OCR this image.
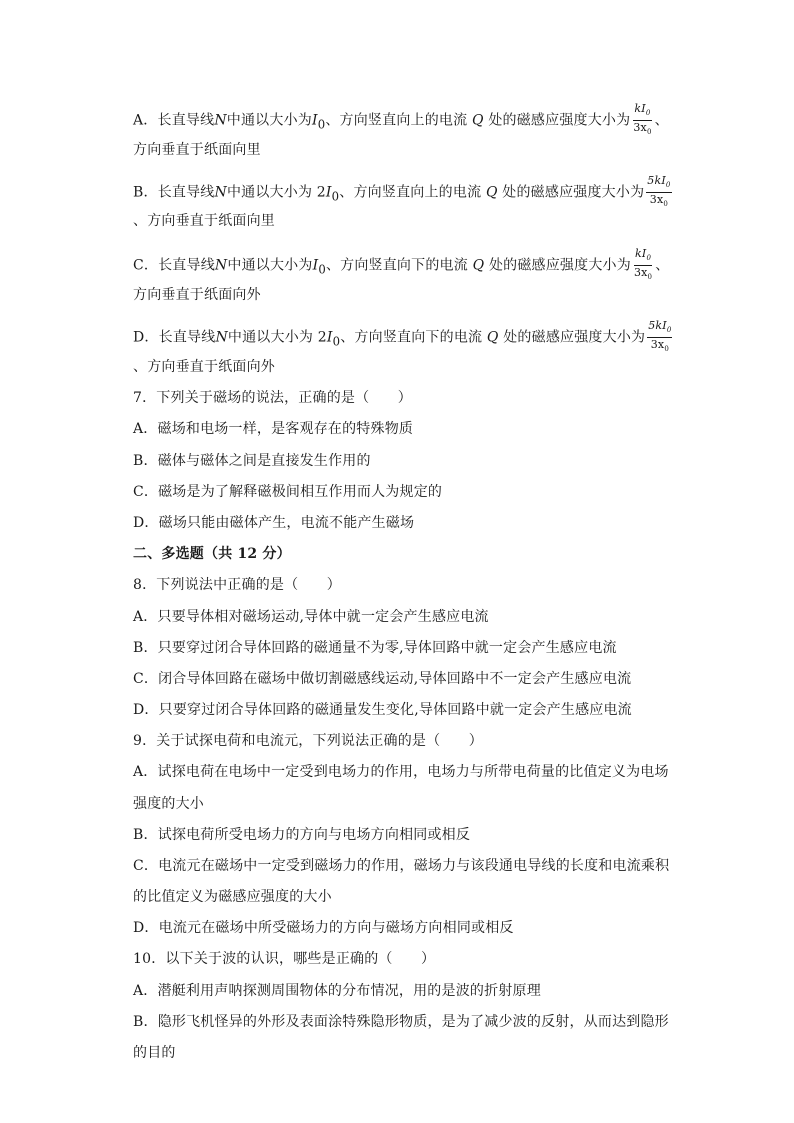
A．长直导线N中通以大小为$I_0$、方向竖直向上的电流 Q 处的磁感应强度大小为 $\frac{kI_0}{3x_0}$ 、
方向垂直于纸面向里
B．长直导线N中通以大小为 $2I_0$、方向竖直向上的电流 Q 处的磁感应强度大小为 $\frac{5kI_0}{3x_0}$
、方向垂直于纸面向里
C．长直导线N中通以大小为$I_0$、方向竖直向下的电流 Q 处的磁感应强度大小为 $\frac{kI_0}{3x_0}$ 、
方向垂直于纸面向外
D．长直导线N中通以大小为 $2I_0$、方向竖直向下的电流 Q 处的磁感应强度大小为 $\frac{5kI_0}{3x_0}$
、方向垂直于纸面向外
7．下列关于磁场的说法，正确的是（　　）
A．磁场和电场一样，是客观存在的特殊物质
B．磁体与磁体之间是直接发生作用的
C．磁场是为了解释磁极间相互作用而人为规定的
D．磁场只能由磁体产生，电流不能产生磁场
二、多选题（共 12 分）
8．下列说法中正确的是（　　）
A．只要导体相对磁场运动,导体中就一定会产生感应电流
B．只要穿过闭合导体回路的磁通量不为零,导体回路中就一定会产生感应电流
C．闭合导体回路在磁场中做切割磁感线运动,导体回路中不一定会产生感应电流
D．只要穿过闭合导体回路的磁通量发生变化,导体回路中就一定会产生感应电流
9．关于试探电荷和电流元，下列说法正确的是（　　）
A．试探电荷在电场中一定受到电场力的作用，电场力与所带电荷量的比值定义为电场
强度的大小
B．试探电荷所受电场力的方向与电场方向相同或相反
C．电流元在磁场中一定受到磁场力的作用，磁场力与该段通电导线的长度和电流乘积
的比值定义为磁感应强度的大小
D．电流元在磁场中所受磁场力的方向与磁场方向相同或相反
10．以下关于波的认识，哪些是正确的（　　）
A．潜艇利用声呐探测周围物体的分布情况，用的是波的折射原理
B．隐形飞机怪异的外形及表面涂特殊隐形物质，是为了减少波的反射，从而达到隐形
的目的
